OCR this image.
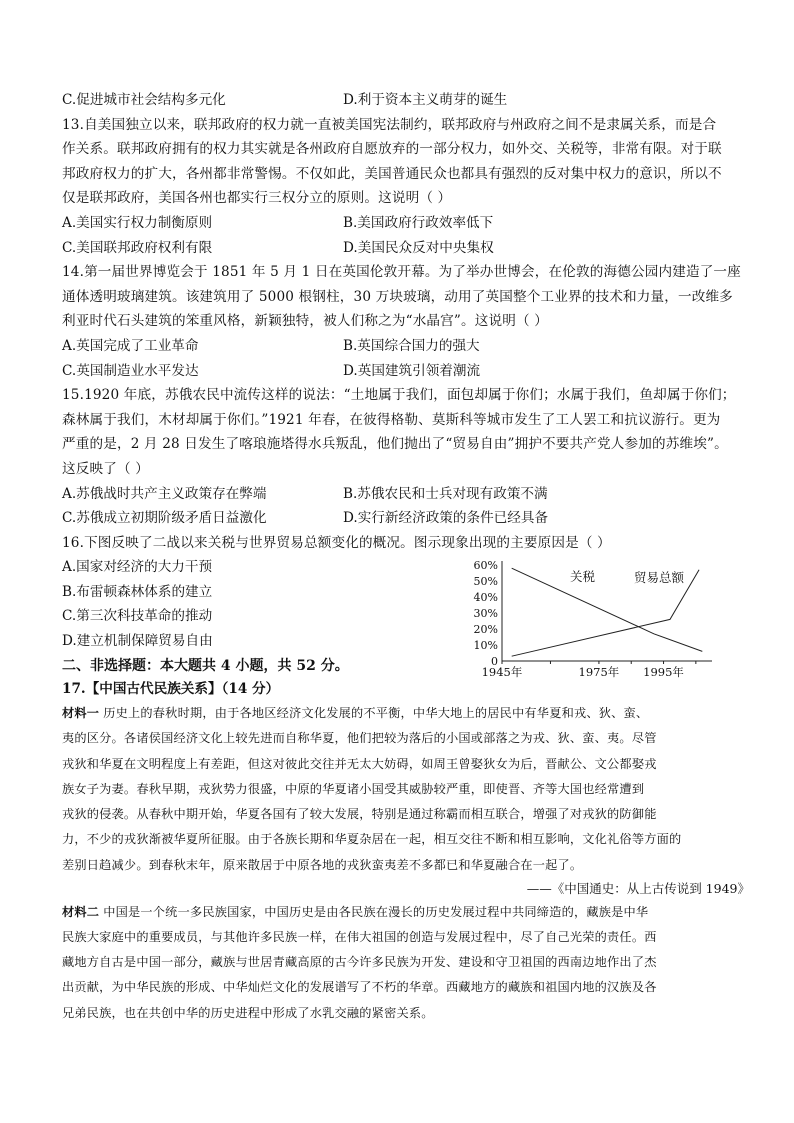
C.促进城市社会结构多元化	D.利于资本主义萌芽的诞生
13.自美国独立以来，联邦政府的权力就一直被美国宪法制约，联邦政府与州政府之间不是隶属关系，而是合
作关系。联邦政府拥有的权力其实就是各州政府自愿放弃的一部分权力，如外交、关税等，非常有限。对于联
邦政府权力的扩大，各州都非常警惕。不仅如此，美国普通民众也都具有强烈的反对集中权力的意识，所以不
仅是联邦政府，美国各州也都实行三权分立的原则。这说明（ ）
A.美国实行权力制衡原则	B.美国政府行政效率低下
C.美国联邦政府权利有限	D.美国民众反对中央集权
14.第一届世界博览会于 1851 年 5 月 1 日在英国伦敦开幕。为了举办世博会，在伦敦的海德公园内建造了一座
通体透明玻璃建筑。该建筑用了 5000 根钢柱，30 万块玻璃，动用了英国整个工业界的技术和力量，一改维多
利亚时代石头建筑的笨重风格，新颖独特，被人们称之为“水晶宫”。这说明（ ）
A.英国完成了工业革命	B.英国综合国力的强大
C.英国制造业水平发达	D.英国建筑引领着潮流
15.1920 年底，苏俄农民中流传这样的说法：“土地属于我们，面包却属于你们；水属于我们，鱼却属于你们；
森林属于我们，木材却属于你们。”1921 年春，在彼得格勒、莫斯科等城市发生了工人罢工和抗议游行。更为
严重的是，2 月 28 日发生了喀琅施塔得水兵叛乱，他们抛出了“贸易自由”拥护不要共产党人参加的苏维埃”。
这反映了（ ）
A.苏俄战时共产主义政策存在弊端	B.苏俄农民和士兵对现有政策不满
C.苏俄成立初期阶级矛盾日益激化	D.实行新经济政策的条件已经具备
16.下图反映了二战以来关税与世界贸易总额变化的概况。图示现象出现的主要原因是（ ）
A.国家对经济的大力干预
B.布雷顿森林体系的建立
C.第三次科技革命的推动
D.建立机制保障贸易自由
60%
50%
40%
30%
20%
10%
0
1945年	1975年 1995年
关税	贸易总额
二、非选择题：本大题共 4 小题，共 52 分。
17.【中国古代民族关系】（14 分）
材料一 历史上的春秋时期，由于各地区经济文化发展的不平衡，中华大地上的居民中有华夏和戎、狄、蛮、
夷的区分。各诸侯国经济文化上较先进而自称华夏，他们把较为落后的小国或部落之为戎、狄、蛮、夷。尽管
戎狄和华夏在文明程度上有差距，但这对彼此交往并无太大妨碍，如周王曾娶狄女为后，晋献公、文公都娶戎
族女子为妻。春秋早期，戎狄势力很盛，中原的华夏诸小国受其威胁较严重，即使晋、齐等大国也经常遭到
戎狄的侵袭。从春秋中期开始，华夏各国有了较大发展，特别是通过称霸而相互联合，增强了对戎狄的防御能
力，不少的戎狄渐被华夏所征服。由于各族长期和华夏杂居在一起，相互交往不断和相互影响，文化礼俗等方面的
差别日趋减少。到春秋末年，原来散居于中原各地的戎狄蛮夷差不多都已和华夏融合在一起了。
——《中国通史：从上古传说到 1949》
材料二 中国是一个统一多民族国家，中国历史是由各民族在漫长的历史发展过程中共同缔造的，藏族是中华
民族大家庭中的重要成员，与其他许多民族一样，在伟大祖国的创造与发展过程中，尽了自己光荣的责任。西
藏地方自古是中国一部分，藏族与世居青藏高原的古今许多民族为开发、建设和守卫祖国的西南边地作出了杰
出贡献，为中华民族的形成、中华灿烂文化的发展谱写了不朽的华章。西藏地方的藏族和祖国内地的汉族及各
兄弟民族，也在共创中华的历史进程中形成了水乳交融的紧密关系。
